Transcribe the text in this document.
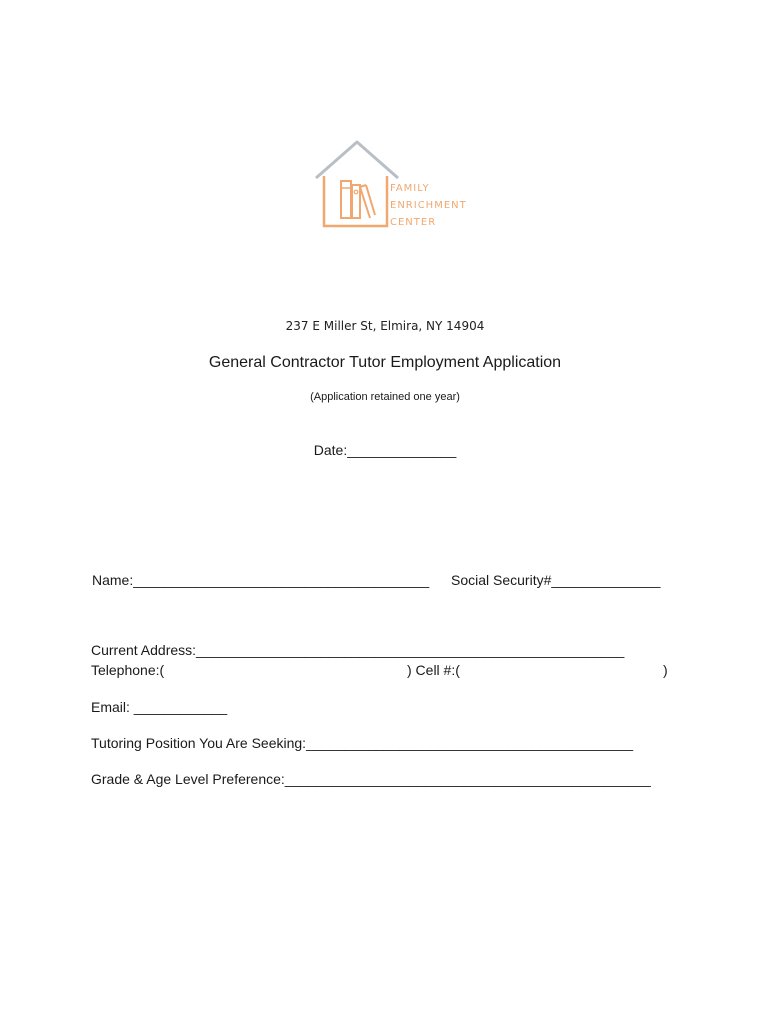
FAMILY
ENRICHMENT
CENTER
237 E Miller St, Elmira, NY 14904
General Contractor Tutor Employment Application
(Application retained one year)
Date:______________
Name:______________________________________ Social Security#______________
Current Address:_______________________________________________________
Telephone:(	) Cell #:(	)
Email: ____________
Tutoring Position You Are Seeking:__________________________________________
Grade & Age Level Preference:_______________________________________________
